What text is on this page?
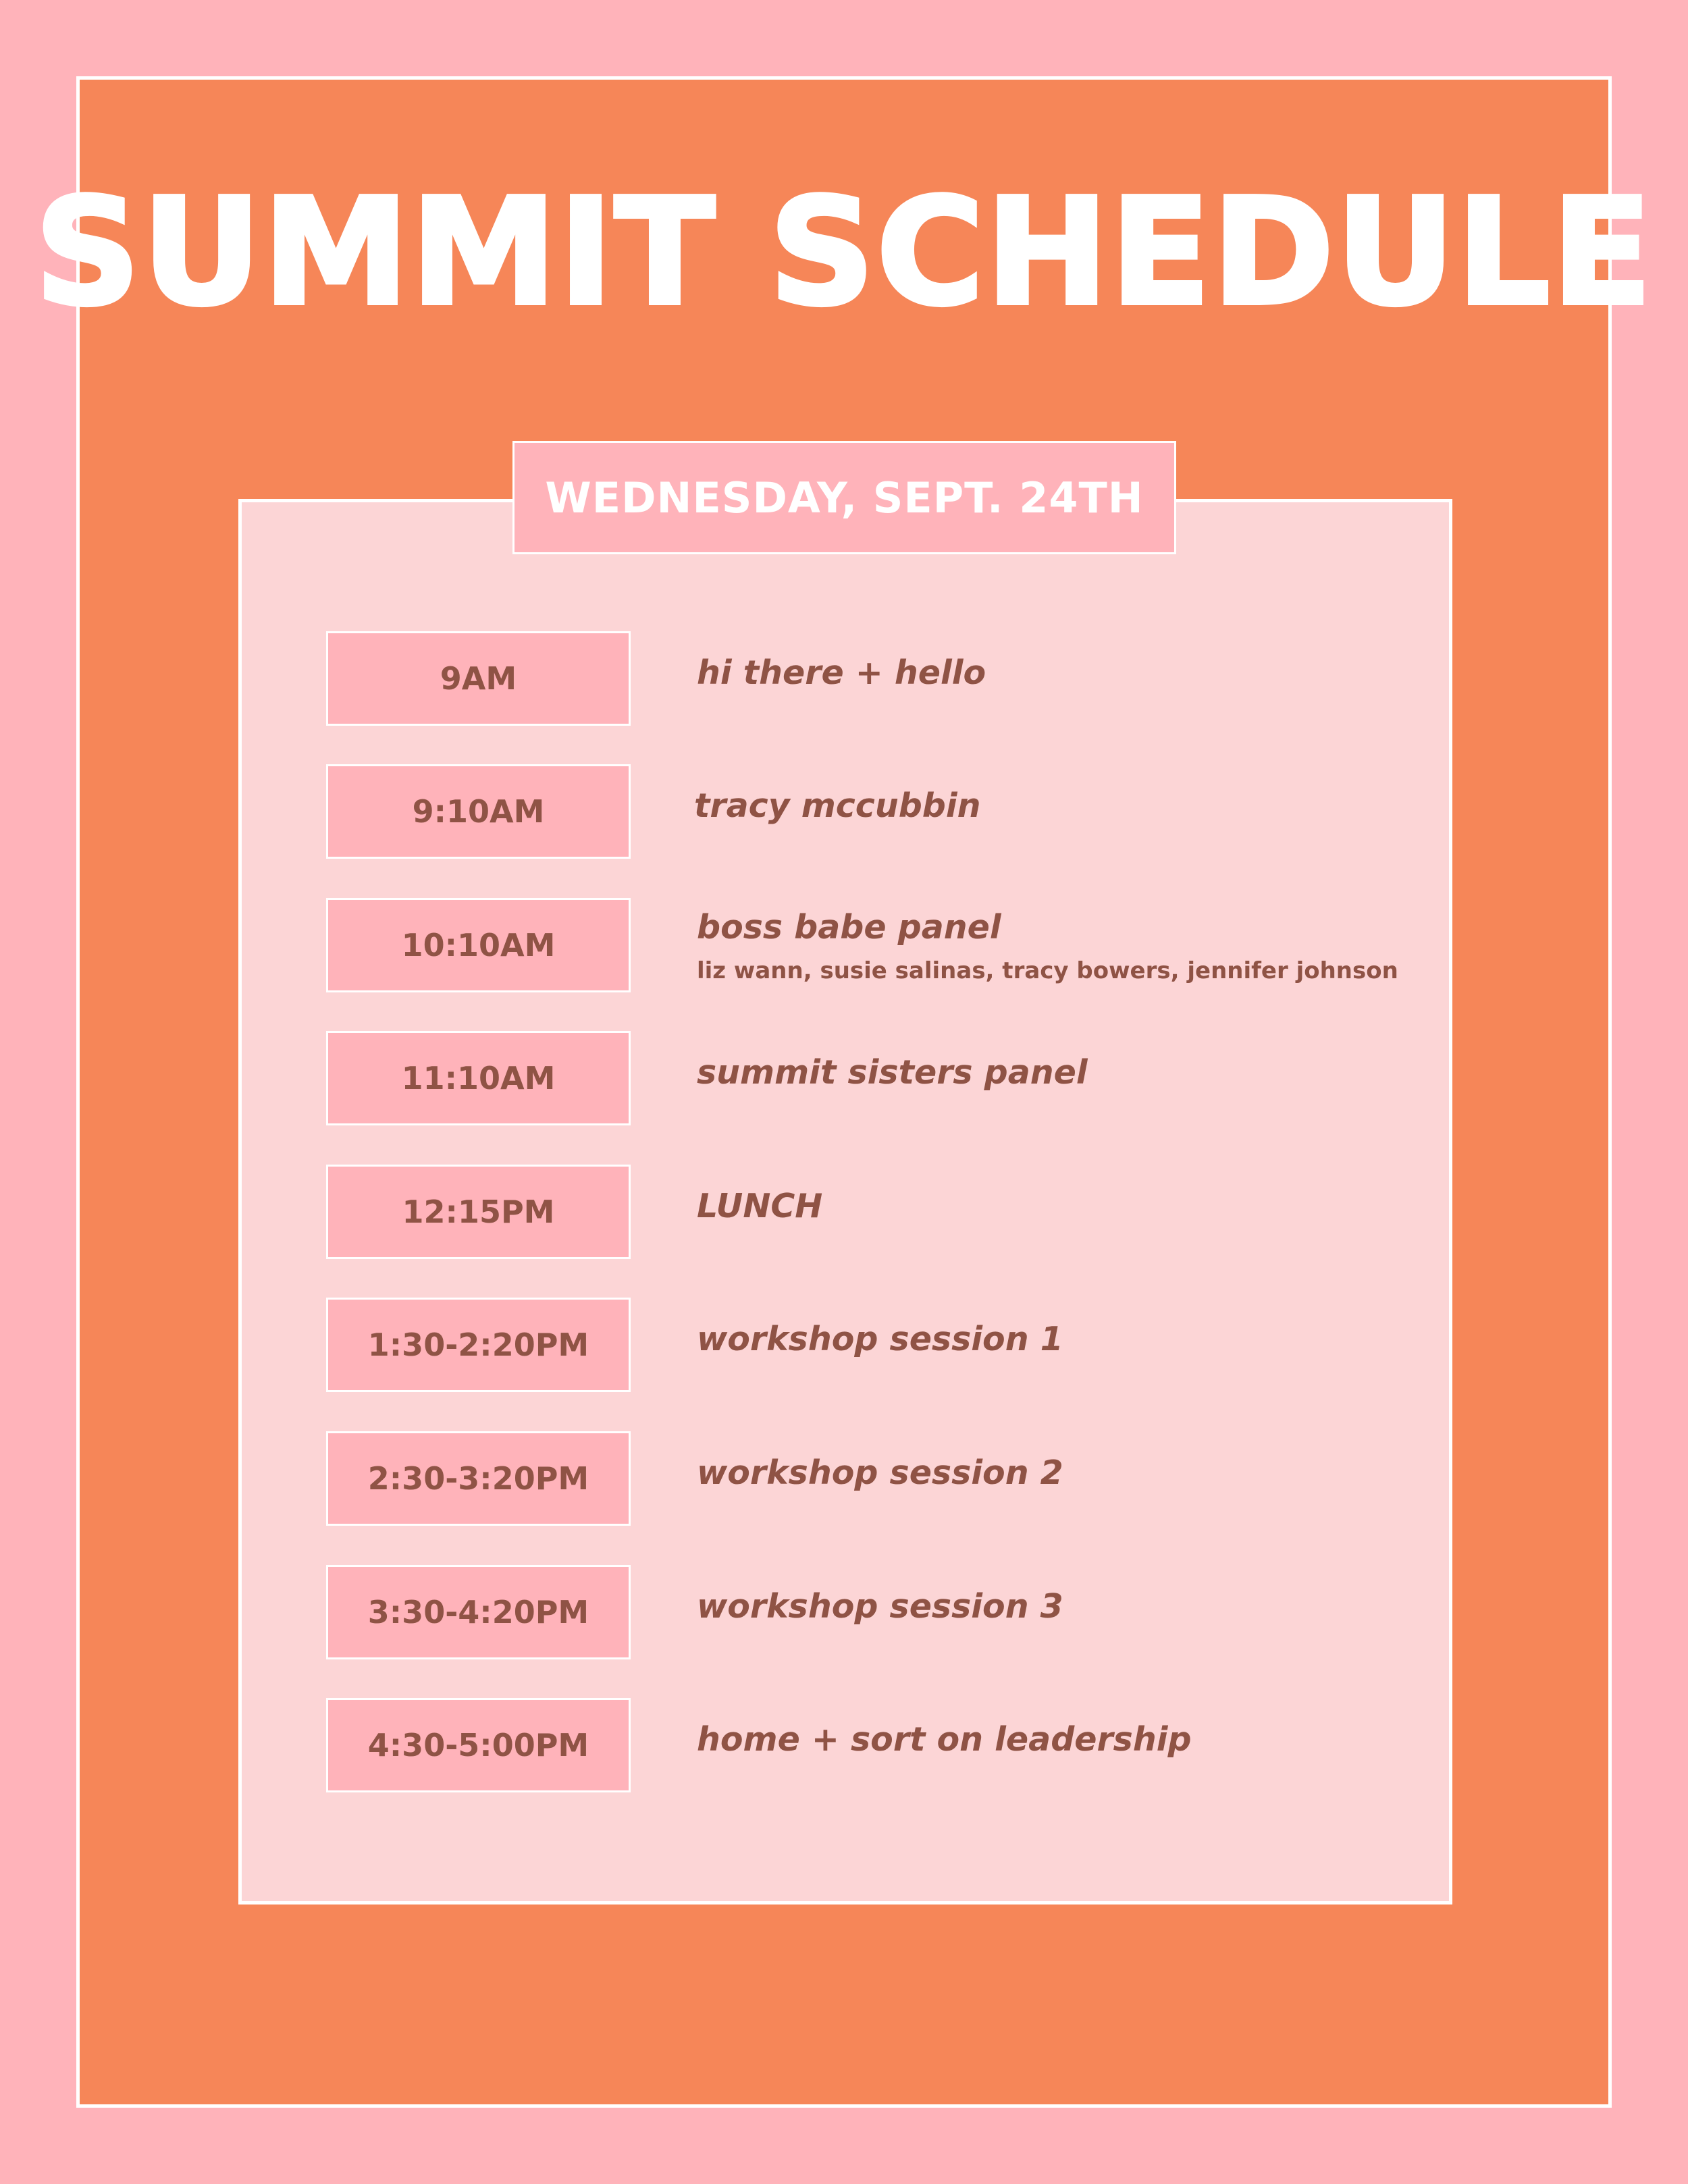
SUMMIT SCHEDULE
WEDNESDAY, SEPT. 24TH
9AM	hi there + hello
9:10AM	tracy mccubbin
10:10AM	boss babe panel
liz wann, susie salinas, tracy bowers, jennifer johnson
11:10AM	summit sisters panel
12:15PM	LUNCH
1:30-2:20PM	workshop session 1
2:30-3:20PM	workshop session 2
3:30-4:20PM	workshop session 3
4:30-5:00PM	home + sort on leadership
